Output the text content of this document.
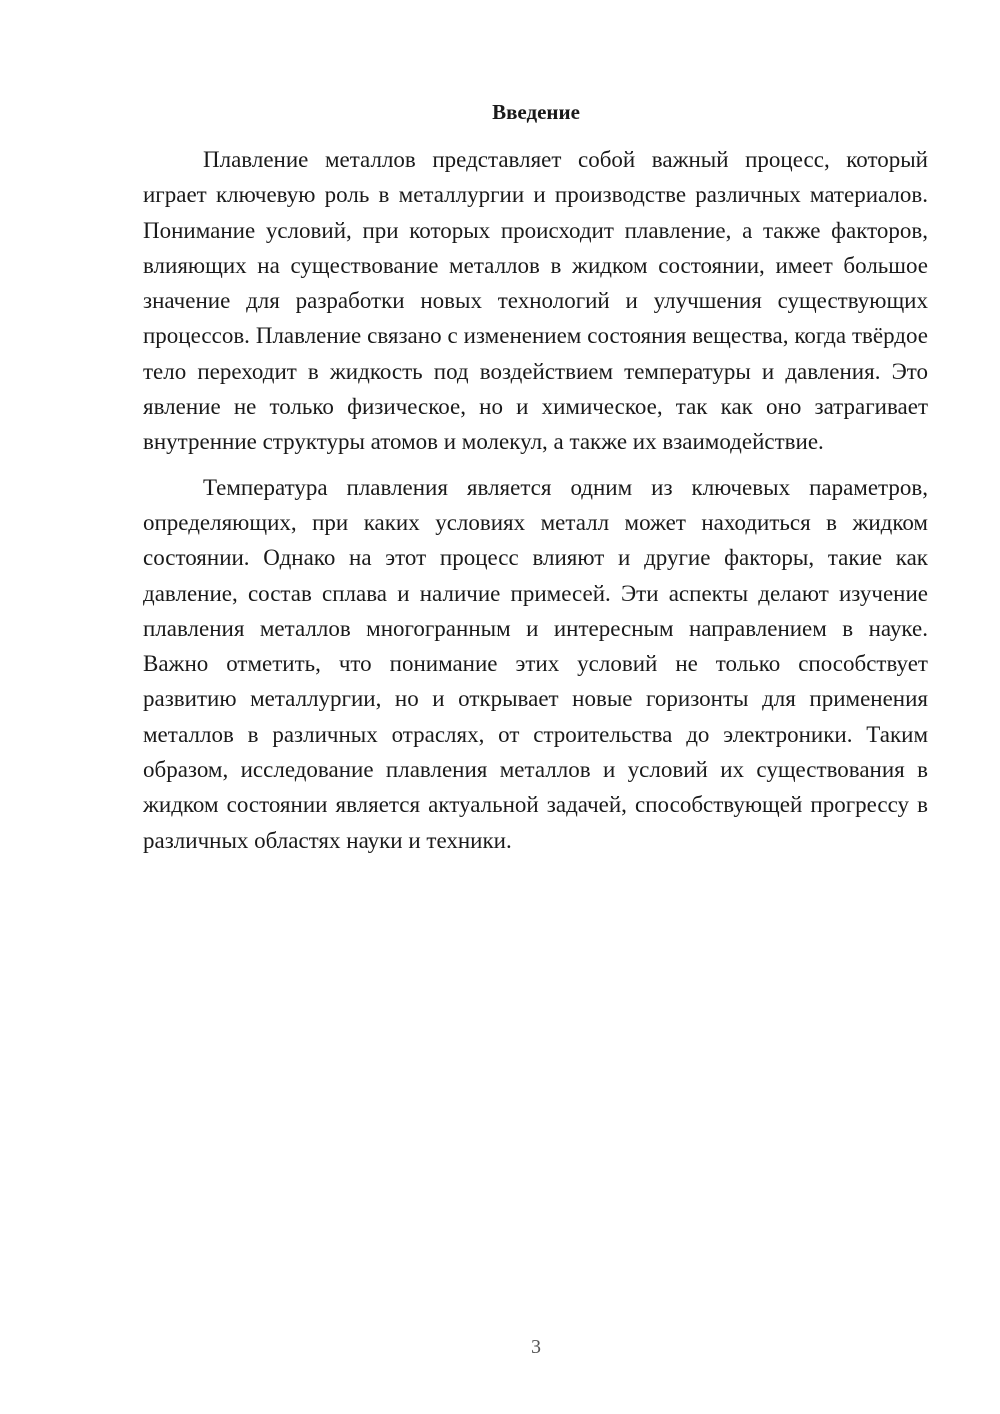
Введение

Плавление металлов представляет собой важный процесс, который играет ключевую роль в металлургии и производстве различных материалов. Понимание условий, при которых происходит плавление, а также факторов, влияющих на существование металлов в жидком состоянии, имеет большое значение для разработки новых технологий и улучшения существующих процессов. Плавление связано с изменением состояния вещества, когда твёрдое тело переходит в жидкость под воздействием температуры и давления. Это явление не только физическое, но и химическое, так как оно затрагивает внутренние структуры атомов и молекул, а также их взаимодействие.

Температура плавления является одним из ключевых параметров, определяющих, при каких условиях металл может находиться в жидком состоянии. Однако на этот процесс влияют и другие факторы, такие как давление, состав сплава и наличие примесей. Эти аспекты делают изучение плавления металлов многогранным и интересным направлением в науке. Важно отметить, что понимание этих условий не только способствует развитию металлургии, но и открывает новые горизонты для применения металлов в различных отраслях, от строительства до электроники. Таким образом, исследование плавления металлов и условий их существования в жидком состоянии является актуальной задачей, способствующей прогрессу в различных областях науки и техники.

3
